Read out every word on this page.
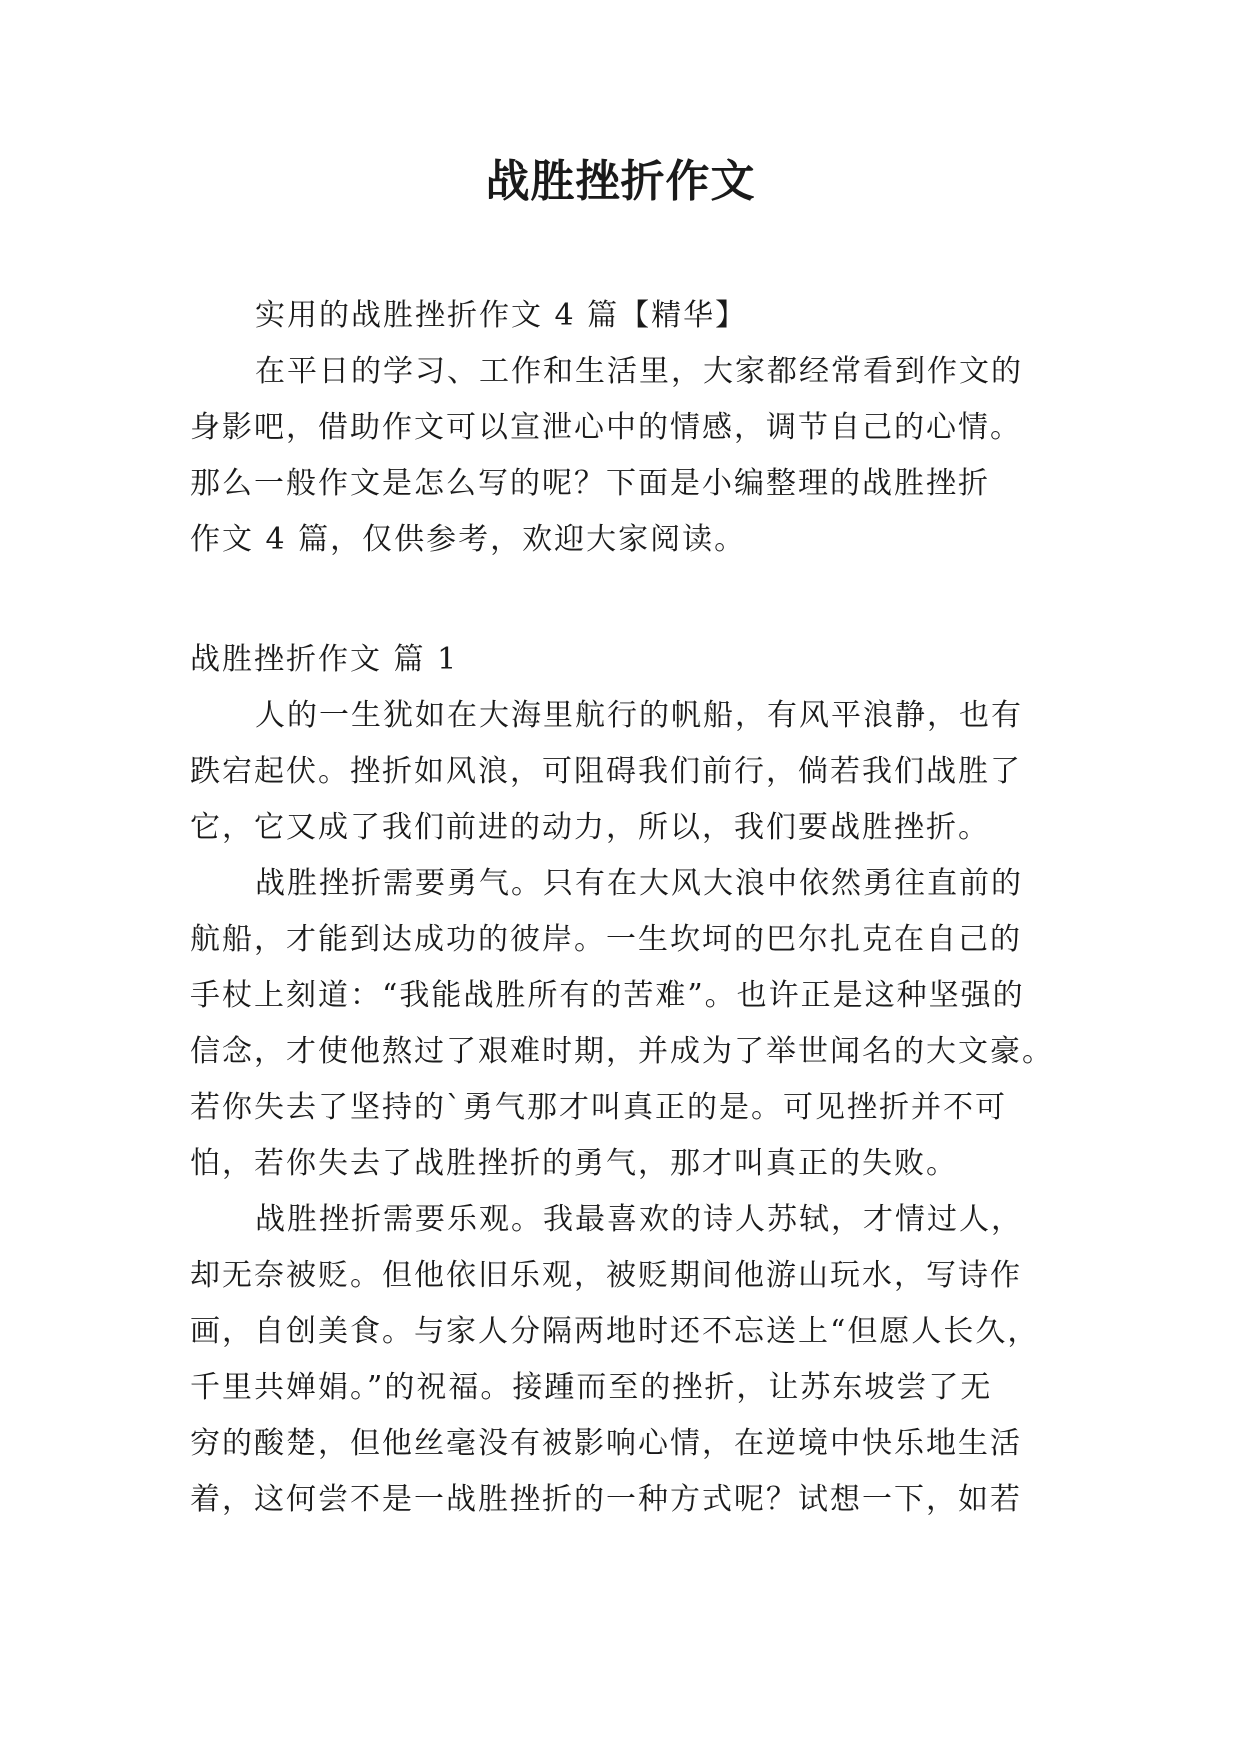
战胜挫折作文

实用的战胜挫折作文 4 篇【精华】

在平日的学习、工作和生活里，大家都经常看到作文的

身影吧，借助作文可以宣泄心中的情感，调节自己的心情。

那么一般作文是怎么写的呢？下面是小编整理的战胜挫折

作文 4 篇，仅供参考，欢迎大家阅读。

战胜挫折作文 篇 1

人的一生犹如在大海里航行的帆船，有风平浪静，也有

跌宕起伏。挫折如风浪，可阻碍我们前行，倘若我们战胜了

它，它又成了我们前进的动力，所以，我们要战胜挫折。

战胜挫折需要勇气。只有在大风大浪中依然勇往直前的

航船，才能到达成功的彼岸。一生坎坷的巴尔扎克在自己的

手杖上刻道：“我能战胜所有的苦难”。也许正是这种坚强的

信念，才使他熬过了艰难时期，并成为了举世闻名的大文豪。

若你失去了坚持的`勇气那才叫真正的是。可见挫折并不可

怕，若你失去了战胜挫折的勇气，那才叫真正的失败。

战胜挫折需要乐观。我最喜欢的诗人苏轼，才情过人，

却无奈被贬。但他依旧乐观，被贬期间他游山玩水，写诗作

画，自创美食。与家人分隔两地时还不忘送上“但愿人长久，

千里共婵娟。”的祝福。接踵而至的挫折，让苏东坡尝了无

穷的酸楚，但他丝毫没有被影响心情，在逆境中快乐地生活

着，这何尝不是一战胜挫折的一种方式呢？试想一下，如若
